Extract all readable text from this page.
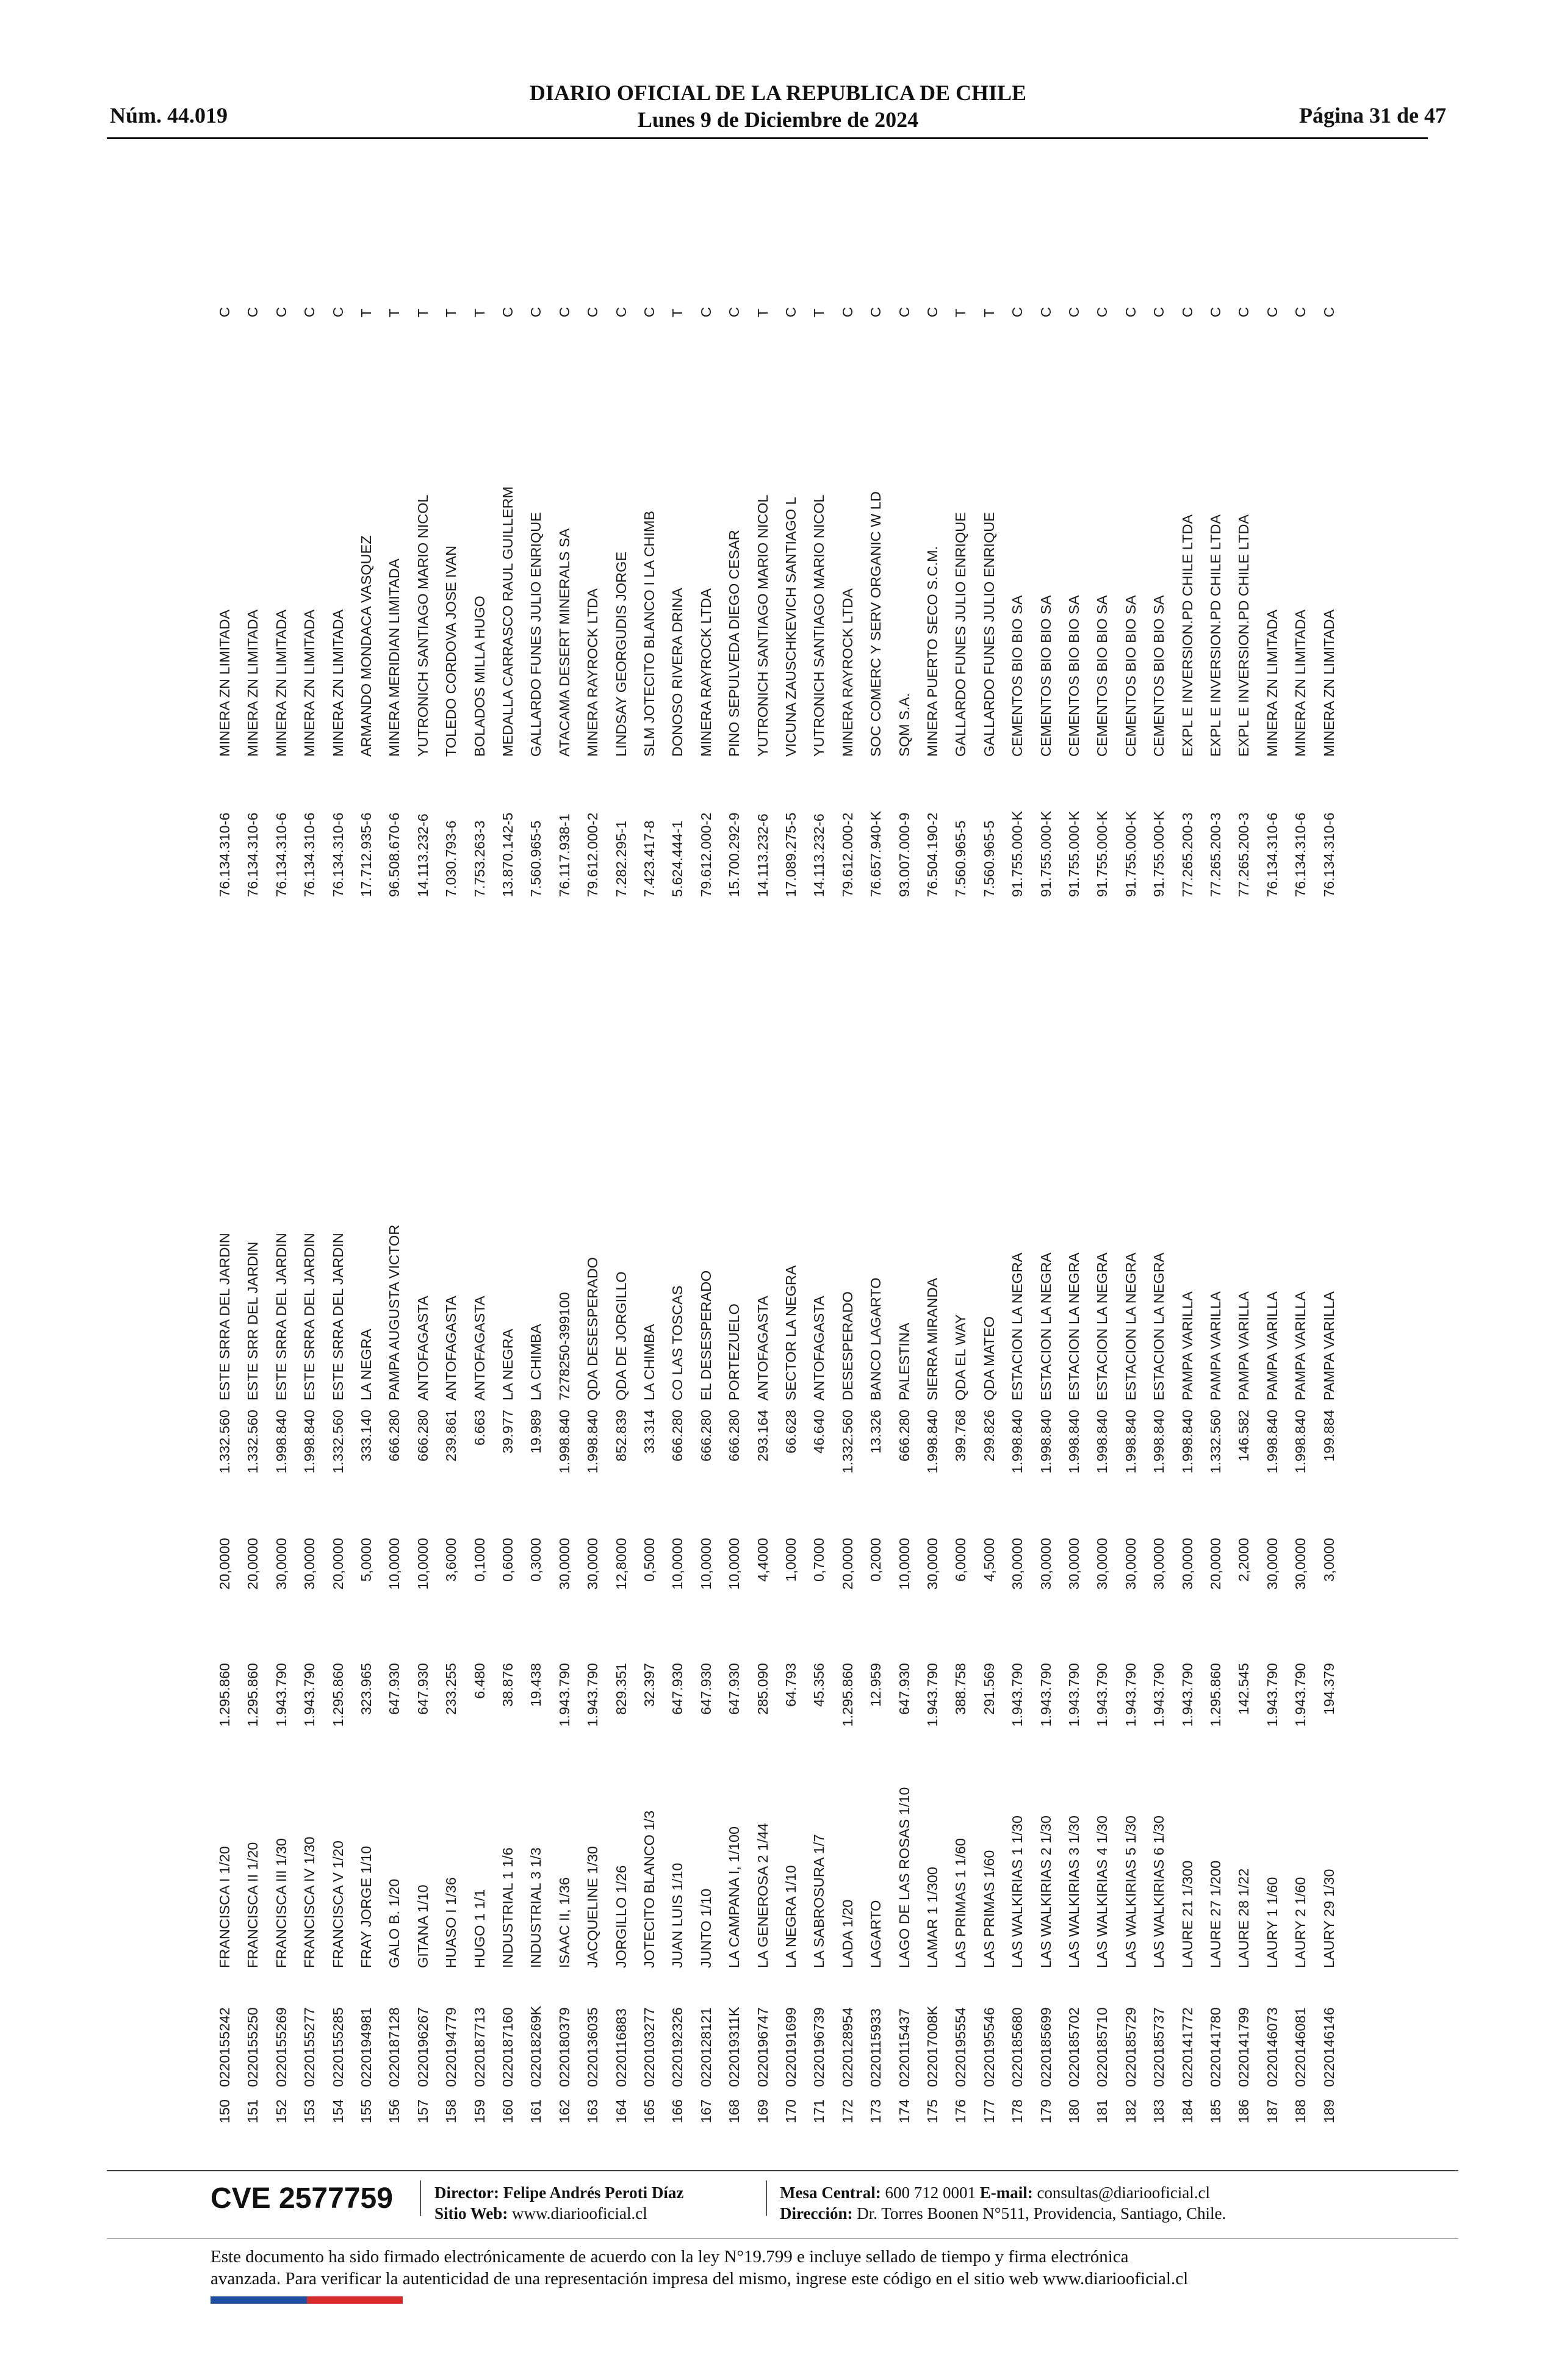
Núm. 44.019
DIARIO OFICIAL DE LA REPUBLICA DE CHILE
Lunes 9 de Diciembre de 2024	Página 31 de 47
150
0220155242
FRANCISCA I 1/20
1.295.860
20,0000
1.332.560
ESTE SRRA DEL JARDIN
76.134.310-6
MINERA ZN LIMITADA
C
151
0220155250
FRANCISCA II 1/20
1.295.860
20,0000
1.332.560
ESTE SRR DEL JARDIN
76.134.310-6
MINERA ZN LIMITADA
C
152
0220155269
FRANCISCA III 1/30
1.943.790
30,0000
1.998.840
ESTE SRRA DEL JARDIN
76.134.310-6
MINERA ZN LIMITADA
C
153
0220155277
FRANCISCA IV 1/30
1.943.790
30,0000
1.998.840
ESTE SRRA DEL JARDIN
76.134.310-6
MINERA ZN LIMITADA
C
154
0220155285
FRANCISCA V 1/20
1.295.860
20,0000
1.332.560
ESTE SRRA DEL JARDIN
76.134.310-6
MINERA ZN LIMITADA
C
155
0220194981
FRAY JORGE 1/10
323.965
5,0000
333.140
LA NEGRA
17.712.935-6
ARMANDO MONDACA VASQUEZ
T
156
0220187128
GALO B. 1/20
647.930
10,0000
666.280
PAMPA AUGUSTA VICTOR
96.508.670-6
MINERA MERIDIAN LIMITADA
T
157
0220196267
GITANA 1/10
647.930
10,0000
666.280
ANTOFAGASTA
14.113.232-6
YUTRONICH SANTIAGO MARIO NICOL
T
158
0220194779
HUASO I 1/36
233.255
3,6000
239.861
ANTOFAGASTA
7.030.793-6
TOLEDO CORDOVA JOSE IVAN
T
159
0220187713
HUGO 1 1/1
6.480
0,1000
6.663
ANTOFAGASTA
7.753.263-3
BOLADOS MILLA HUGO
T
160
0220187160
INDUSTRIAL 1 1/6
38.876
0,6000
39.977
LA NEGRA
13.870.142-5
MEDALLA CARRASCO RAUL GUILLERM
C
161
022018269K
INDUSTRIAL 3 1/3
19.438
0,3000
19.989
LA CHIMBA
7.560.965-5
GALLARDO FUNES JULIO ENRIQUE
C
162
0220180379
ISAAC II, 1/36
1.943.790
30,0000
1.998.840
7278250-399100
76.117.938-1
ATACAMA DESERT MINERALS SA
C
163
0220136035
JACQUELINE 1/30
1.943.790
30,0000
1.998.840
QDA DESESPERADO
79.612.000-2
MINERA RAYROCK LTDA
C
164
0220116883
JORGILLO 1/26
829.351
12,8000
852.839
QDA DE JORGILLO
7.282.295-1
LINDSAY GEORGUDIS JORGE
C
165
0220103277
JOTECITO BLANCO 1/3
32.397
0,5000
33.314
LA CHIMBA
7.423.417-8
SLM JOTECITO BLANCO I LA CHIMB
C
166
0220192326
JUAN LUIS 1/10
647.930
10,0000
666.280
CO LAS TOSCAS
5.624.444-1
DONOSO RIVERA DRINA
T
167
0220128121
JUNTO 1/10
647.930
10,0000
666.280
EL DESESPERADO
79.612.000-2
MINERA RAYROCK LTDA
C
168
022019311K
LA CAMPANA I, 1/100
647.930
10,0000
666.280
PORTEZUELO
15.700.292-9
PINO SEPULVEDA DIEGO CESAR
C
169
0220196747
LA GENEROSA 2 1/44
285.090
4,4000
293.164
ANTOFAGASTA
14.113.232-6
YUTRONICH SANTIAGO MARIO NICOL
T
170
0220191699
LA NEGRA 1/10
64.793
1,0000
66.628
SECTOR LA NEGRA
17.089.275-5
VICUNA ZAUSCHKEVICH SANTIAGO L
C
171
0220196739
LA SABROSURA 1/7
45.356
0,7000
46.640
ANTOFAGASTA
14.113.232-6
YUTRONICH SANTIAGO MARIO NICOL
T
172
0220128954
LADA 1/20
1.295.860
20,0000
1.332.560
DESESPERADO
79.612.000-2
MINERA RAYROCK LTDA
C
173
0220115933
LAGARTO
12.959
0,2000
13.326
BANCO LAGARTO
76.657.940-K
SOC COMERC Y SERV ORGANIC W LD
C
174
0220115437
LAGO DE LAS ROSAS 1/10
647.930
10,0000
666.280
PALESTINA
93.007.000-9
SQM S.A.
C
175
022017008K
LAMAR 1 1/300
1.943.790
30,0000
1.998.840
SIERRA MIRANDA
76.504.190-2
MINERA PUERTO SECO S.C.M.
C
176
0220195554
LAS PRIMAS 1 1/60
388.758
6,0000
399.768
QDA EL WAY
7.560.965-5
GALLARDO FUNES JULIO ENRIQUE
T
177
0220195546
LAS PRIMAS 1/60
291.569
4,5000
299.826
QDA MATEO
7.560.965-5
GALLARDO FUNES JULIO ENRIQUE
T
178
0220185680
LAS WALKIRIAS 1 1/30
1.943.790
30,0000
1.998.840
ESTACION LA NEGRA
91.755.000-K
CEMENTOS BIO BIO SA
C
179
0220185699
LAS WALKIRIAS 2 1/30
1.943.790
30,0000
1.998.840
ESTACION LA NEGRA
91.755.000-K
CEMENTOS BIO BIO SA
C
180
0220185702
LAS WALKIRIAS 3 1/30
1.943.790
30,0000
1.998.840
ESTACION LA NEGRA
91.755.000-K
CEMENTOS BIO BIO SA
C
181
0220185710
LAS WALKIRIAS 4 1/30
1.943.790
30,0000
1.998.840
ESTACION LA NEGRA
91.755.000-K
CEMENTOS BIO BIO SA
C
182
0220185729
LAS WALKIRIAS 5 1/30
1.943.790
30,0000
1.998.840
ESTACION LA NEGRA
91.755.000-K
CEMENTOS BIO BIO SA
C
183
0220185737
LAS WALKIRIAS 6 1/30
1.943.790
30,0000
1.998.840
ESTACION LA NEGRA
91.755.000-K
CEMENTOS BIO BIO SA
C
184
0220141772
LAURE 21 1/300
1.943.790
30,0000
1.998.840
PAMPA VARILLA
77.265.200-3
EXPL E INVERSION.PD CHILE LTDA
C
185
0220141780
LAURE 27 1/200
1.295.860
20,0000
1.332.560
PAMPA VARILLA
77.265.200-3
EXPL E INVERSION.PD CHILE LTDA
C
186
0220141799
LAURE 28 1/22
142.545
2,2000
146.582
PAMPA VARILLA
77.265.200-3
EXPL E INVERSION.PD CHILE LTDA
C
187
0220146073
LAURY 1 1/60
1.943.790
30,0000
1.998.840
PAMPA VARILLA
76.134.310-6
MINERA ZN LIMITADA
C
188
0220146081
LAURY 2 1/60
1.943.790
30,0000
1.998.840
PAMPA VARILLA
76.134.310-6
MINERA ZN LIMITADA
C
189
0220146146
LAURY 29 1/30
194.379
3,0000
199.884
PAMPA VARILLA
76.134.310-6
MINERA ZN LIMITADA
C
CVE 2577759	Director: Felipe Andrés Peroti Díaz
Sitio Web: www.diariooficial.cl
Mesa Central: 600 712 0001 E-mail: consultas@diariooficial.cl
Dirección: Dr. Torres Boonen N°511, Providencia, Santiago, Chile.
Este documento ha sido firmado electrónicamente de acuerdo con la ley N°19.799 e incluye sellado de tiempo y firma electrónica
avanzada. Para verificar la autenticidad de una representación impresa del mismo, ingrese este código en el sitio web www.diariooficial.cl
